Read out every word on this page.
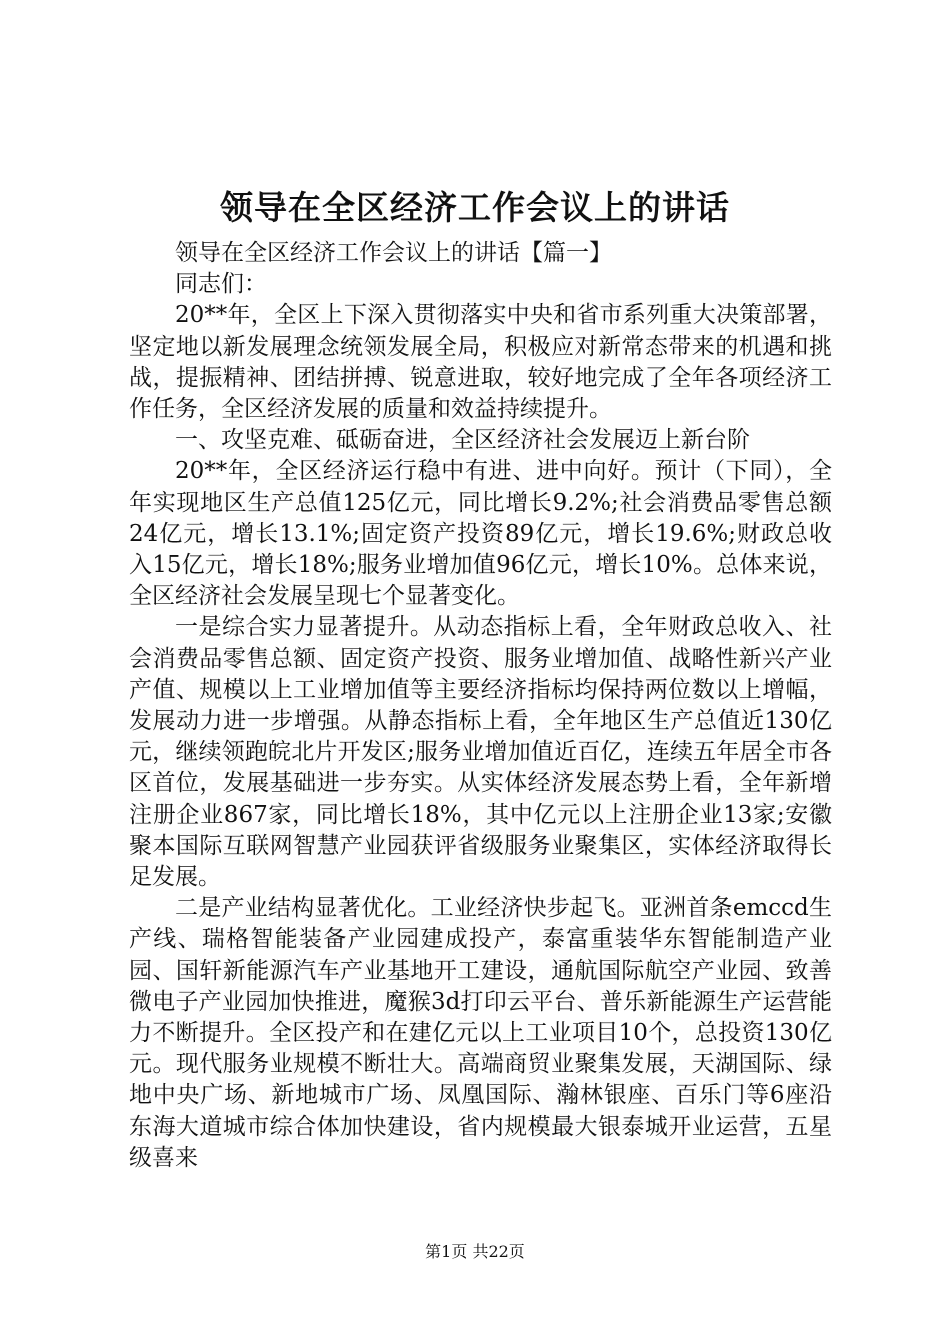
领导在全区经济工作会议上的讲话

领导在全区经济工作会议上的讲话【篇一】

同志们：

20**年，全区上下深入贯彻落实中央和省市系列重大决策部署，坚定地以新发展理念统领发展全局，积极应对新常态带来的机遇和挑战，提振精神、团结拼搏、锐意进取，较好地完成了全年各项经济工作任务，全区经济发展的质量和效益持续提升。

一、攻坚克难、砥砺奋进，全区经济社会发展迈上新台阶

20**年，全区经济运行稳中有进、进中向好。预计（下同），全年实现地区生产总值125亿元，同比增长9.2%;社会消费品零售总额24亿元，增长13.1%;固定资产投资89亿元，增长19.6%;财政总收入15亿元，增长18%;服务业增加值96亿元，增长10%。总体来说，全区经济社会发展呈现七个显著变化。

一是综合实力显著提升。从动态指标上看，全年财政总收入、社会消费品零售总额、固定资产投资、服务业增加值、战略性新兴产业产值、规模以上工业增加值等主要经济指标均保持两位数以上增幅，发展动力进一步增强。从静态指标上看，全年地区生产总值近130亿元，继续领跑皖北片开发区;服务业增加值近百亿，连续五年居全市各区首位，发展基础进一步夯实。从实体经济发展态势上看，全年新增注册企业867家，同比增长18%，其中亿元以上注册企业13家;安徽聚本国际互联网智慧产业园获评省级服务业聚集区，实体经济取得长足发展。

二是产业结构显著优化。工业经济快步起飞。亚洲首条emccd生产线、瑞格智能装备产业园建成投产，泰富重装华东智能制造产业园、国轩新能源汽车产业基地开工建设，通航国际航空产业园、致善微电子产业园加快推进，魔猴3d打印云平台、普乐新能源生产运营能力不断提升。全区投产和在建亿元以上工业项目10个，总投资130亿元。现代服务业规模不断壮大。高端商贸业聚集发展，天湖国际、绿地中央广场、新地城市广场、凤凰国际、瀚林银座、百乐门等6座沿东海大道城市综合体加快建设，省内规模最大银泰城开业运营，五星级喜来

第1页 共22页
